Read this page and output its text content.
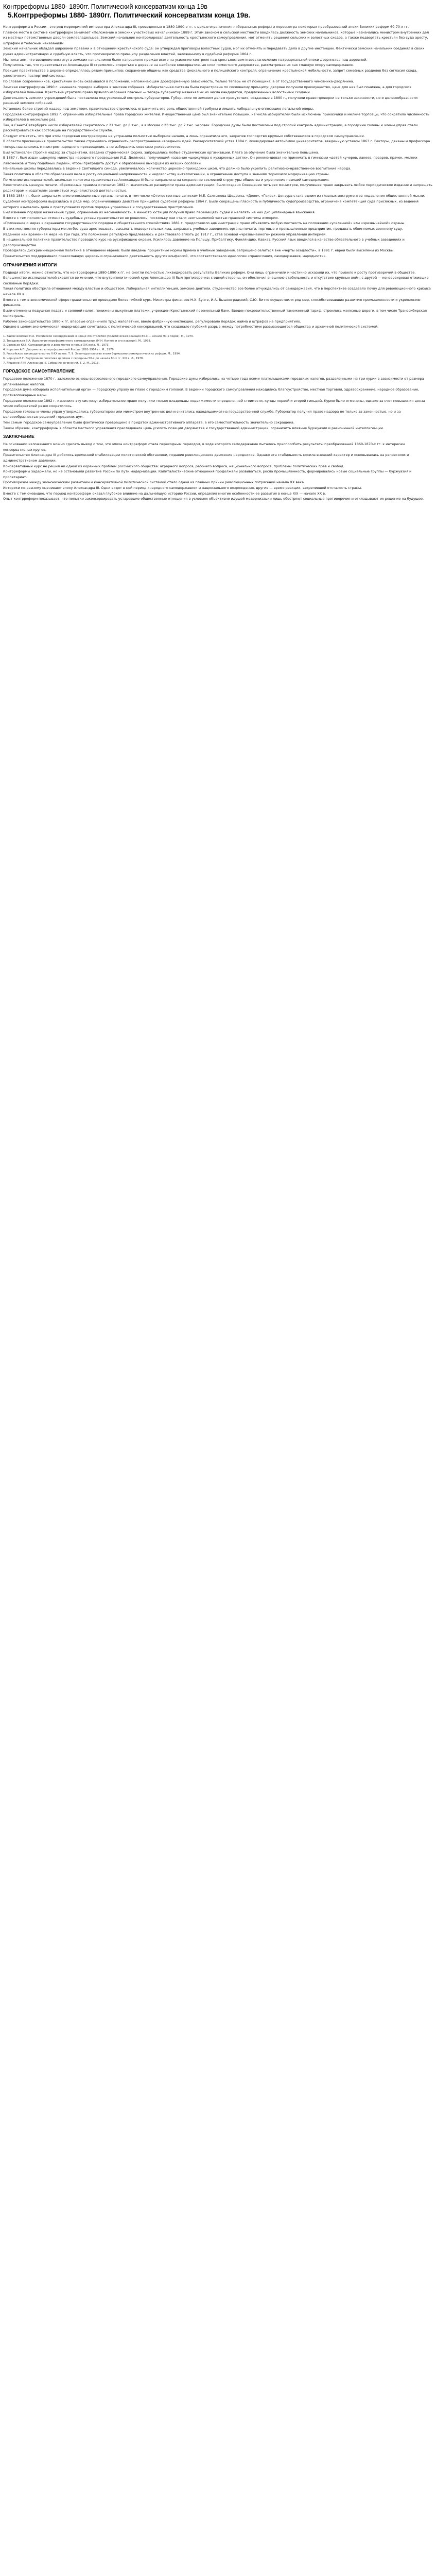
Контрреформы 1880- 1890гг. Политический консерватизм конца 19в
5.Контрреформы 1880- 1890гг. Политический консерватизм конца 19в.

Контрреформы в России - это ряд мероприятий императора Александра III, проведенных в 1880-1890-е гг. с целью ограничения либеральных реформ и пересмотра некоторых преобразований эпохи Великих реформ 60-70-х гг.

Главное место в системе контрреформ занимает «Положение о земских участковых начальниках» 1889 г. Этим законом в сельской местности вводилась должность земских начальников, которые назначались министром внутренних дел из местных потомственных дворян-землевладельцев. Земский начальник контролировал деятельность крестьянского самоуправления, мог отменять решения сельских и волостных сходов, а также подвергать крестьян без суда аресту, штрафам и телесным наказаниям.

Земский начальник обладал широкими правами и в отношении крестьянского суда: он утверждал приговоры волостных судов, мог их отменять и передавать дела в другие инстанции. Фактически земский начальник соединял в своих руках административную и судебную власть, что противоречило принципу разделения властей, заложенному в судебной реформе 1864 г.

Мы полагаем, что введение института земских начальников было направлено прежде всего на усиление контроля над крестьянством и восстановление патриархальной опеки дворянства над деревней.

Получилось так, что правительство Александра III стремилось опереться в деревне на наиболее консервативные слои поместного дворянства, рассматривая их как главную опору самодержавия.

Позиция правительства в деревне определялась рядом принципов: сохранение общины как средства фискального и полицейского контроля, ограничение крестьянской мобильности, запрет семейных разделов без согласия схода, ужесточение паспортной системы.

По словам современников, крестьянин вновь оказывался в положении, напоминающем дореформенную зависимость, только теперь не от помещика, а от государственного чиновника-дворянина.

Земская контрреформа 1890 г. изменила порядок выборов в земские собрания. Избирательная система была перестроена по сословному принципу: дворяне получили преимущество, ценз для них был понижен, а для городских избирателей повышен. Крестьяне утратили право прямого избрания гласных — теперь губернатор назначал их из числа кандидатов, предложенных волостными сходами.

Деятельность земских учреждений была поставлена под усиленный контроль губернаторов. Губернские по земским делам присутствия, созданные в 1890 г., получили право проверки не только законности, но и целесообразности решений земских собраний.

Установив более строгий надзор над земством, правительство стремилось ограничить его роль общественной трибуны и лишить либеральную оппозицию легальной опоры.

Городская контрреформа 1892 г. ограничила избирательные права городских жителей. Имущественный ценз был значительно повышен, из числа избирателей были исключены приказчики и мелкие торговцы, что сократило численность избирателей в несколько раз.

Так, в Санкт-Петербурге число избирателей сократилось с 21 тыс. до 8 тыс., а в Москве с 23 тыс. до 7 тыс. человек. Городские думы были поставлены под строгий контроль администрации, а городские головы и члены управ стали рассматриваться как состоящие на государственной службе.

Следует отметить, что при этом городская контрреформа не устранила полностью выборное начало, а лишь ограничила его, закрепив господство крупных собственников в городском самоуправлении.

В области просвещения правительство также стремилось ограничить распространение «вредных» идей. Университетский устав 1884 г. ликвидировал автономию университетов, введенную уставом 1863 г. Ректоры, деканы и профессора теперь назначались министром народного просвещения, а не избирались советами университетов.

Был установлен строгий надзор за студентами, введена студенческая форма, запрещались любые студенческие организации. Плата за обучение была значительно повышена.

В 1887 г. был издан циркуляр министра народного просвещения И.Д. Делянова, получивший название «циркуляра о кухаркиных детях». Он рекомендовал не принимать в гимназии «детей кучеров, лакеев, поваров, прачек, мелких лавочников и тому подобных людей», чтобы преградить доступ к образованию выходцам из низших сословий.

Начальные школы передавались в ведение Святейшего синода, увеличивалось количество церковно-приходских школ, что должно было укрепить религиозно-нравственное воспитание народа.

Такая политика в области образования вела к росту социальной напряженности и недовольству интеллигенции, а ограничение доступа к знаниям тормозило модернизацию страны.

По мнению исследователей, школьная политика правительства Александра III была направлена на сохранение сословной структуры общества и укрепление позиций самодержавия.

Ужесточилась цензура печати. «Временные правила о печати» 1882 г. значительно расширили права администрации: было создано Совещание четырех министров, получившее право закрывать любое периодическое издание и запрещать редакторам и издателям заниматься журналистской деятельностью.

В 1883-1884 гг. были закрыты многие оппозиционные органы печати, в том числе «Отечественные записки» М.Е. Салтыкова-Щедрина, «Дело», «Голос». Цензура стала одним из главных инструментов подавления общественной мысли.

Судебная контрреформа выразилась в ряде мер, ограничивавших действие принципов судебной реформы 1864 г. Были сокращены гласность и публичность судопроизводства, ограничена компетенция суда присяжных, из ведения которого изымались дела о преступлениях против порядка управления и государственные преступления.

Был изменен порядок назначения судей, ограничена их несменяемость, а министр юстиции получил право перемещать судей и налагать на них дисциплинарные взыскания.

Вместе с тем полностью отменить судебные уставы правительство не решилось, поскольку они стали неотъемлемой частью правовой системы империи.

«Положение о мерах к охранению государственного порядка и общественного спокойствия» 1881 г. предоставило администрации право объявлять любую местность на положении «усиленной» или «чрезвычайной» охраны.

В этих местностях губернаторы могли без суда арестовывать, высылать подозрительных лиц, закрывать учебные заведения, органы печати, торговые и промышленные предприятия, предавать обвиняемых военному суду.

Изданное как временная мера на три года, это положение регулярно продлевалось и действовало вплоть до 1917 г., став основой «чрезвычайного» режима управления империей.

В национальной политике правительство проводило курс на русификацию окраин. Усилилось давление на Польшу, Прибалтику, Финляндию, Кавказ. Русский язык вводился в качестве обязательного в учебных заведениях и делопроизводстве.

Проводилась дискриминационная политика в отношении евреев: были введены процентные нормы приема в учебные заведения, запрещено селиться вне «черты оседлости», в 1891 г. евреи были выселены из Москвы.

Правительство поддерживало православную церковь и ограничивало деятельность других конфессий, что соответствовало идеологии «православия, самодержавия, народности».

ОГРАНИЧЕНИЯ И ИТОГИ

Подводя итоги, можно отметить, что контрреформы 1880-1890-х гг. не смогли полностью ликвидировать результаты Великих реформ. Они лишь ограничили и частично исказили их, что привело к росту противоречий в обществе.

Большинство исследователей сходятся во мнении, что внутриполитический курс Александра III был противоречив: с одной стороны, он обеспечил внешнюю стабильность и отсутствие крупных войн, с другой — консервировал отжившие сословные порядки.

Такая политика обострила отношения между властью и обществом. Либеральная интеллигенция, земские деятели, студенчество все более отчуждались от самодержавия, что в перспективе создавало почву для революционного кризиса начала XX в.

Вместе с тем в экономической сфере правительство проводило более гибкий курс. Министры финансов Н.Х. Бунге, И.А. Вышнеградский, С.Ю. Витте осуществили ряд мер, способствовавших развитию промышленности и укреплению финансов.

Были отменены подушная подать и соляной налог, понижены выкупные платежи, учрежден Крестьянский поземельный банк. Введен покровительственный таможенный тариф, строились железные дороги, в том числе Транссибирская магистраль.

Рабочее законодательство 1880-х гг. впервые ограничило труд малолетних, ввело фабричную инспекцию, регулировало порядок найма и штрафов на предприятиях.

Однако в целом экономическая модернизация сочеталась с политической консервацией, что создавало глубокий разрыв между потребностями развивающегося общества и архаичной политической системой.

1. Зайончковский П.А. Российское самодержавие в конце XIX столетия (политическая реакция 80-х — начала 90-х годов). М., 1970.

2. Твардовская В.А. Идеология пореформенного самодержавия (М.Н. Катков и его издания). М., 1978.

3. Соловьев Ю.Б. Самодержавие и дворянство в конце XIX века. Л., 1973.

4. Корелин А.П. Дворянство в пореформенной России 1861-1904 гг. М., 1979.

5. Российское законодательство X-XX веков. Т. 9. Законодательство эпохи буржуазно-демократических реформ. М., 1994.

6. Чернуха В.Г. Внутренняя политика царизма с середины 50-х до начала 80-х гг. XIX в. Л., 1978.

7. Ляшенко Л.М. Александр III. Собрание сочинений. Т. 2. М., 2013.

ГОРОДСКОЕ САМОУПРАВЛЕНИЕ

Городовое положение 1870 г. заложило основы всесословного городского самоуправления. Городские думы избирались на четыре года всеми плательщиками городских налогов, разделенными на три курии в зависимости от размера уплачиваемых налогов.

Городская дума избирала исполнительный орган — городскую управу во главе с городским головой. В ведении городского самоуправления находились благоустройство, местная торговля, здравоохранение, народное образование, противопожарные меры.

Городовое положение 1892 г. изменило эту систему: избирательное право получили только владельцы недвижимости определенной стоимости, купцы первой и второй гильдий. Курии были отменены, однако за счет повышения ценза число избирателей резко сократилось.

Городские головы и члены управ утверждались губернатором или министром внутренних дел и считались находящимися на государственной службе. Губернатор получил право надзора не только за законностью, но и за целесообразностью решений городских дум.

Тем самым городское самоуправление было фактически превращено в придаток административного аппарата, а его самостоятельность значительно сокращена.

Таким образом, контрреформы в области местного управления преследовали цель усилить позиции дворянства и государственной администрации, ограничить влияние буржуазии и разночинной интеллигенции.

ЗАКЛЮЧЕНИЕ

На основании изложенного можно сделать вывод о том, что эпоха контрреформ стала переходным периодом, в ходе которого самодержавие пыталось приспособить результаты преобразований 1860-1870-х гг. к интересам консервативных кругов.

Правительство Александра III добилось временной стабилизации политической обстановки, подавив революционное движение народников. Однако эта стабильность носила внешний характер и основывалась на репрессиях и административном давлении.

Консервативный курс не решил ни одной из коренных проблем российского общества: аграрного вопроса, рабочего вопроса, национального вопроса, проблемы политических прав и свобод.

Контрреформы задержали, но не остановили развитие России по пути модернизации. Капиталистические отношения продолжали развиваться, росла промышленность, формировались новые социальные группы — буржуазия и пролетариат.

Противоречие между экономическим развитием и консервативной политической системой стало одной из главных причин революционных потрясений начала XX века.

Историки по-разному оценивают эпоху Александра III. Одни видят в ней период «народного самодержавия» и национального возрождения, другие — время реакции, закрепившей отсталость страны.

Вместе с тем очевидно, что период контрреформ оказал глубокое влияние на дальнейшую историю России, определив многие особенности ее развития в конце XIX — начале XX в.

Опыт контрреформ показывает, что попытки законсервировать устаревшие общественные отношения в условиях объективно идущей модернизации лишь обостряют социальные противоречия и откладывают их решение на будущее.
